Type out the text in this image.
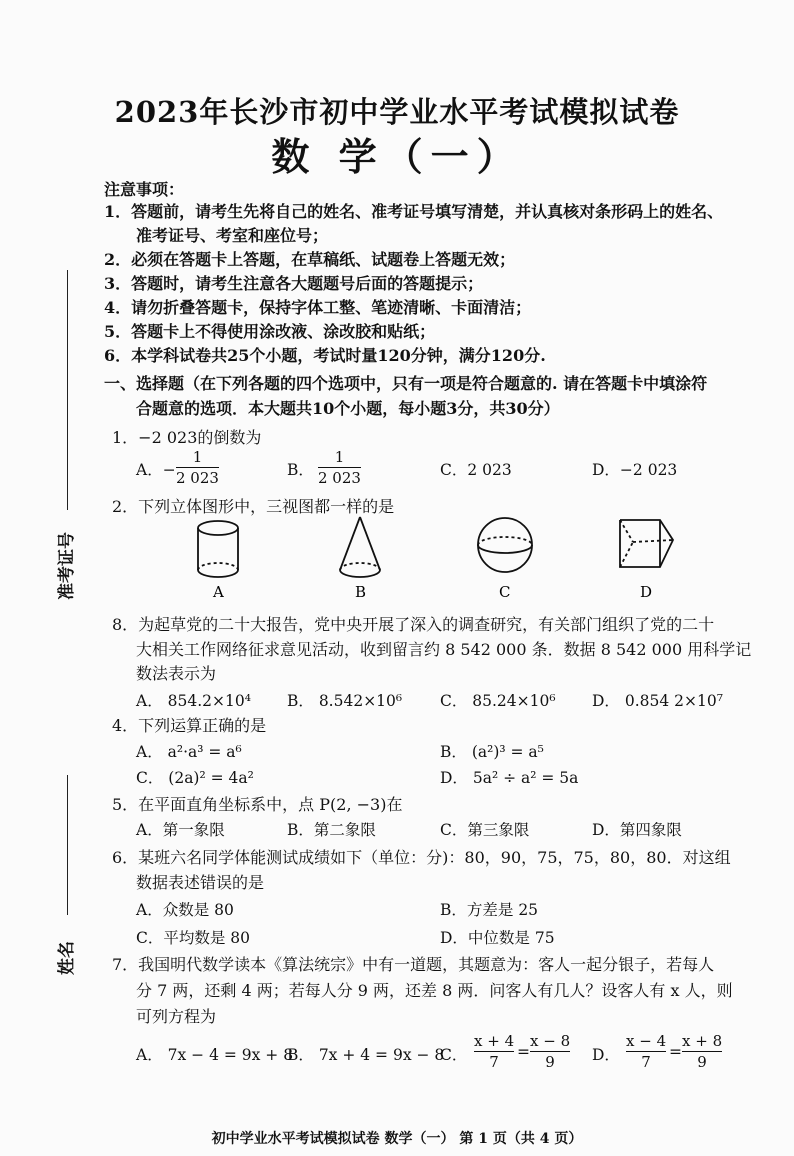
准考证号
姓名
2023年长沙市初中学业水平考试模拟试卷
数 学（一）
注意事项：
1．答题前，请考生先将自己的姓名、准考证号填写清楚，并认真核对条形码上的姓名、
准考证号、考室和座位号；
2．必须在答题卡上答题，在草稿纸、试题卷上答题无效；
3．答题时，请考生注意各大题题号后面的答题提示；
4．请勿折叠答题卡，保持字体工整、笔迹清晰、卡面清洁；
5．答题卡上不得使用涂改液、涂改胶和贴纸；
6．本学科试卷共25个小题，考试时量120分钟，满分120分.
一、选择题（在下列各题的四个选项中，只有一项是符合题意的. 请在答题卡中填涂符
合题意的选项．本大题共10个小题，每小题3分，共30分）
1．−2 023的倒数为
A．−
1
2 023	B．
1
2 023	C．2 023	D．−2 023
2．下列立体图形中，三视图都一样的是
A	B	C	D
8．为起草党的二十大报告，党中央开展了深入的调查研究，有关部门组织了党的二十
大相关工作网络征求意见活动，收到留言约 8 542 000 条．数据 8 542 000 用科学记
数法表示为
A． 854.2×10⁴ B． 8.542×10⁶ C． 85.24×10⁶ D． 0.854 2×10⁷
4．下列运算正确的是
A． a²·a³ = a⁶	B． (a²)³ = a⁵
C． (2a)² = 4a²	D． 5a² ÷ a² = 5a
5．在平面直角坐标系中，点 P(2, −3)在
A．第一象限	B．第二象限	C．第三象限	D．第四象限
6．某班六名同学体能测试成绩如下（单位：分)：80，90，75，75，80，80．对这组
数据表述错误的是
A．众数是 80	B．方差是 25
C．平均数是 80	D．中位数是 75
7．我国明代数学读本《算法统宗》中有一道题，其题意为：客人一起分银子，若每人
分 7 两，还剩 4 两；若每人分 9 两，还差 8 两．问客人有几人？设客人有 x 人，则
可列方程为
A． 7x − 4 = 9x + 8
B． 7x + 4 = 9x − 8
C．
x + 4
7
=
x − 8
9 D．
x − 4
7
=
x + 8
9
初中学业水平考试模拟试卷 数学（一） 第 1 页（共 4 页）
